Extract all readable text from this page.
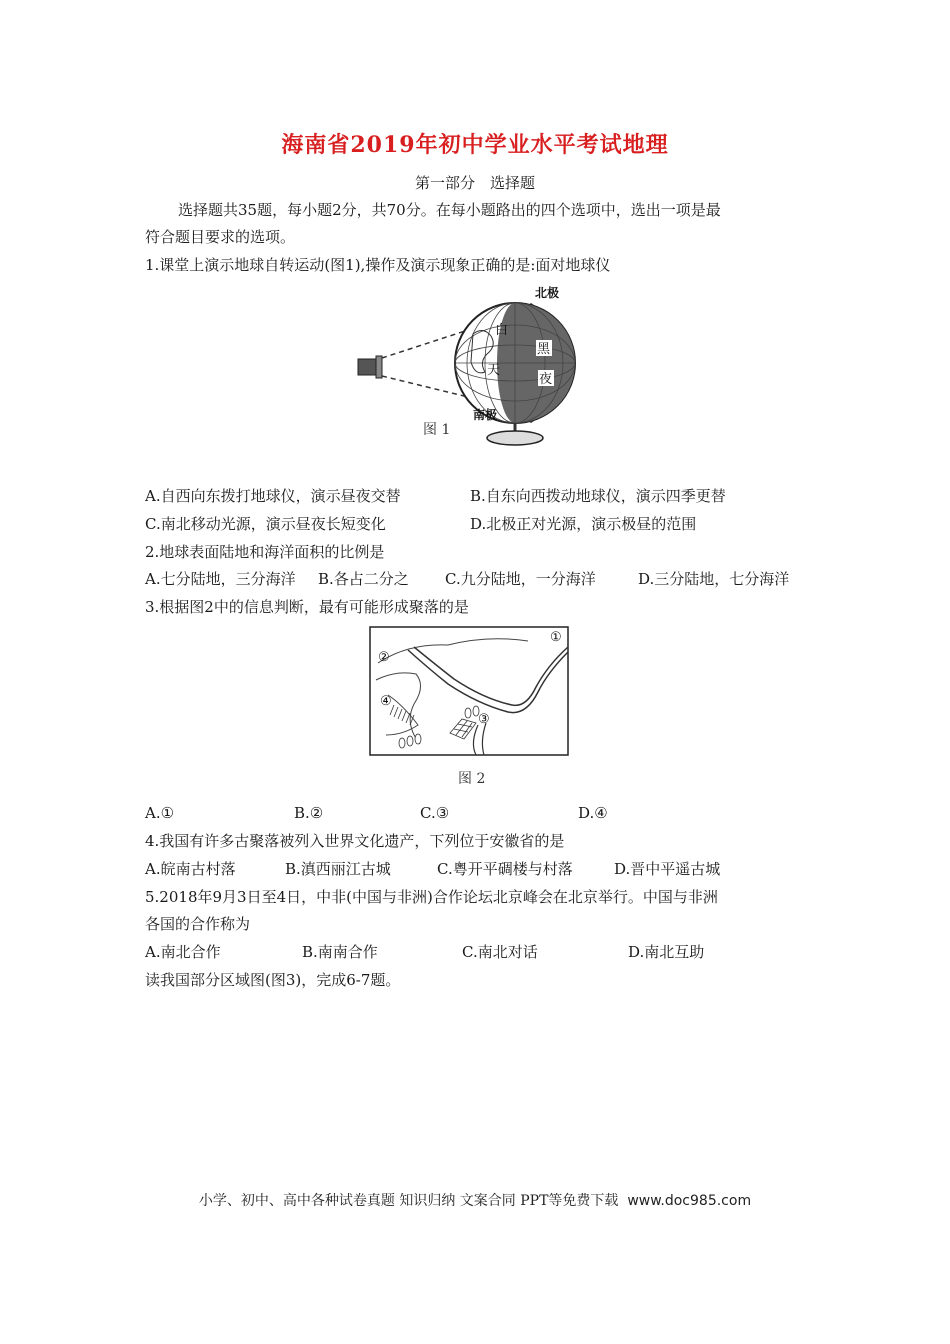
海南省2019年初中学业水平考试地理
第一部分　选择题
选择题共35题，每小题2分，共70分。在每小题路出的四个选项中，选出一项是最
符合题目要求的选项。
1.课堂上演示地球自转运动(图1),操作及演示现象正确的是:面对地球仪
北极
南极
白
天
黑
夜
图 1
A.自西向东拨打地球仪，演示昼夜交替	B.自东向西拨动地球仪，演示四季更替
C.南北移动光源，演示昼夜长短变化	D.北极正对光源，演示极昼的范围
2.地球表面陆地和海洋面积的比例是
A.七分陆地，三分海洋 B.各占二分之 C.九分陆地，一分海洋	D.三分陆地，七分海洋
3.根据图2中的信息判断，最有可能形成聚落的是
①
②
③
④
图 2
A.①	B.②	C.③	D.④
4.我国有许多古聚落被列入世界文化遗产，下列位于安徽省的是
A.皖南古村落	B.滇西丽江古城	C.粤开平碉楼与村落	D.晋中平遥古城
5.2018年9月3日至4日，中非(中国与非洲)合作论坛北京峰会在北京举行。中国与非洲
各国的合作称为
A.南北合作	B.南南合作	C.南北对话	D.南北互助
读我国部分区域图(图3)，完成6-7题。
小学、初中、高中各种试卷真题 知识归纳 文案合同 PPT等免费下载 www.doc985.com
